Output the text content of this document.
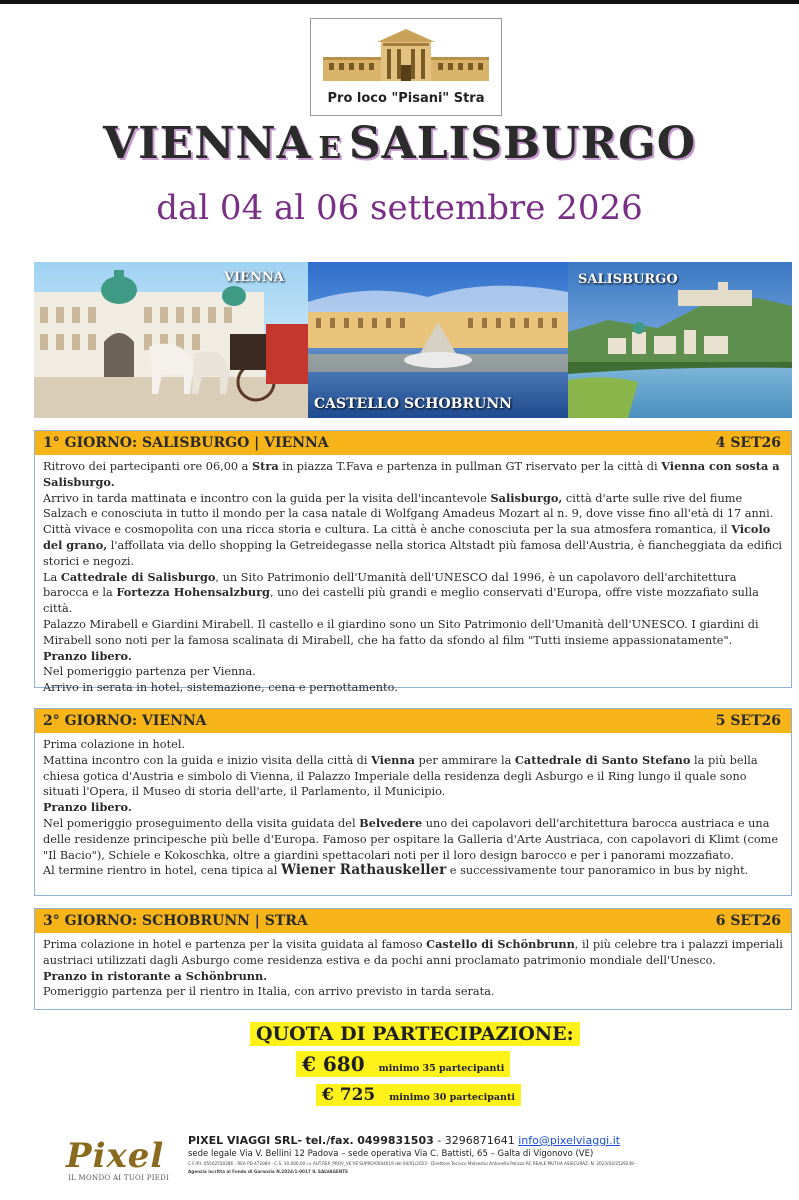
Pro loco "Pisani" Stra
VIENNA E SALISBURGO
dal 04 al 06 settembre 2026
VIENNA
CASTELLO SCHOBRUNN
SALISBURGO
1° GIORNO: SALISBURGO | VIENNA	4 SET26

Ritrovo dei partecipanti ore 06,00 a Stra in piazza T.Fava e partenza in pullman GT riservato per la città di Vienna con sosta a Salisburgo.

Arrivo in tarda mattinata e incontro con la guida per la visita dell'incantevole Salisburgo, città d'arte sulle rive del fiume Salzach e conosciuta in tutto il mondo per la casa natale di Wolfgang Amadeus Mozart al n. 9, dove visse fino all'età di 17 anni.

Città vivace e cosmopolita con una ricca storia e cultura. La città è anche conosciuta per la sua atmosfera romantica, il Vicolo del grano, l'affollata via dello shopping la Getreidegasse nella storica Altstadt più famosa dell'Austria, è fiancheggiata da edifici storici e negozi.

La Cattedrale di Salisburgo, un Sito Patrimonio dell'Umanità dell'UNESCO dal 1996, è un capolavoro dell'architettura barocca e la Fortezza Hohensalzburg, uno dei castelli più grandi e meglio conservati d'Europa, offre viste mozzafiato sulla città.

Palazzo Mirabell e Giardini Mirabell. Il castello e il giardino sono un Sito Patrimonio dell'Umanità dell'UNESCO. I giardini di Mirabell sono noti per la famosa scalinata di Mirabell, che ha fatto da sfondo al film "Tutti insieme appassionatamente".

Pranzo libero.

Nel pomeriggio partenza per Vienna.

Arrivo in serata in hotel, sistemazione, cena e pernottamento.

2° GIORNO: VIENNA	5 SET26

Prima colazione in hotel.

Mattina incontro con la guida e inizio visita della città di Vienna per ammirare la Cattedrale di Santo Stefano la più bella chiesa gotica d'Austria e simbolo di Vienna, il Palazzo Imperiale della residenza degli Asburgo e il Ring lungo il quale sono situati l'Opera, il Museo di storia dell'arte, il Parlamento, il Municipio.

Pranzo libero.

Nel pomeriggio proseguimento della visita guidata del Belvedere uno dei capolavori dell'architettura barocca austriaca e una delle residenze principesche più belle d'Europa. Famoso per ospitare la Galleria d'Arte Austriaca, con capolavori di Klimt (come "Il Bacio"), Schiele e Kokoschka, oltre a giardini spettacolari noti per il loro design barocco e per i panorami mozzafiato.

Al termine rientro in hotel, cena tipica al Wiener Rathauskeller e successivamente tour panoramico in bus by night.

3° GIORNO: SCHOBRUNN | STRA	6 SET26

Prima colazione in hotel e partenza per la visita guidata al famoso Castello di Schönbrunn, il più celebre tra i palazzi imperiali austriaci utilizzati dagli Asburgo come residenza estiva e da pochi anni proclamato patrimonio mondiale dell'Unesco.

Pranzo in ristorante a Schönbrunn.

Pomeriggio partenza per il rientro in Italia, con arrivo previsto in tarda serata.

QUOTA DI PARTECIPAZIONE:
€ 680 minimo 35 partecipanti
€ 725 minimo 30 partecipanti
Pixel
IL MONDO AI TUOI PIEDI
PIXEL VIAGGI SRL- tel./fax. 0499831503 - 3296871641 info@pixelviaggi.it
sede legale Via V. Bellini 12 Padova – sede operativa Via C. Battisti, 65 – Galta di Vigonovo (VE)
C.F./P.I. 05502550286 - REA PD 472084 - C.S. 10.000,00 i.v AUT.REP_PROV_VE'VE'SUPRO/0004019 del 04/01/2023 - Direttore Tecnico Malvestio Antonella Polizza RC REALE MUTUA ASSICURAZ. N. 2023/03/2529239 -
Agenzia iscritta al Fondo di Garanzia N.2024/1-0017 IL SALVAGENTE
